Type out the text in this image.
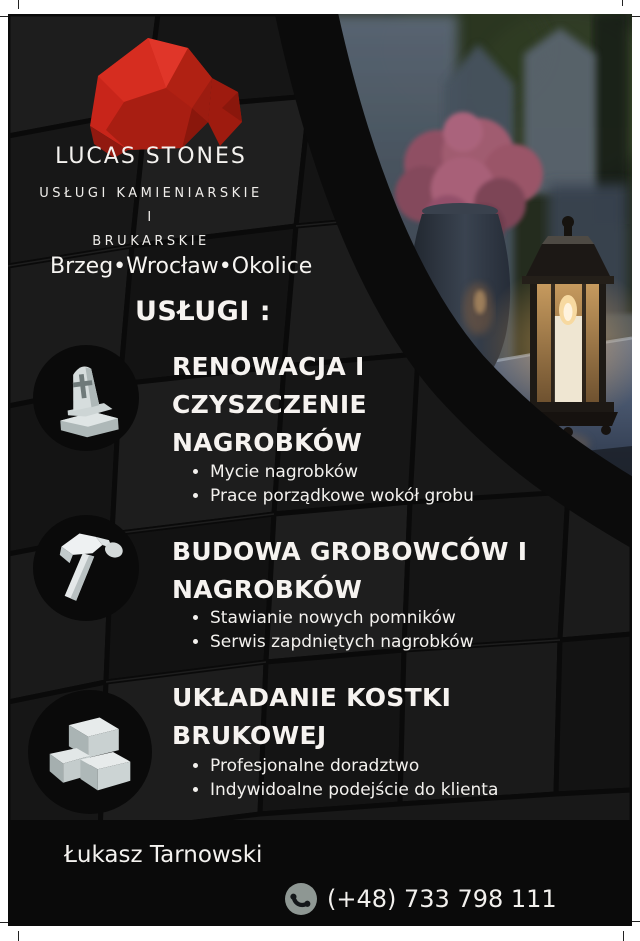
LUCAS STONES
USŁUGI KAMIENIARSKIE
I
BRUKARSKIE
Brzeg•Wrocław•Okolice
USŁUGI :
RENOWACJA I
CZYSZCZENIE
NAGROBKÓW
• Mycie nagrobków
• Prace porządkowe wokół grobu
BUDOWA GROBOWCÓW I
NAGROBKÓW
• Stawianie nowych pomników
• Serwis zapdniętych nagrobków
UKŁADANIE KOSTKI
BRUKOWEJ
• Profesjonalne doradztwo
• Indywidoalne podejście do klienta
Łukasz Tarnowski
(+48) 733 798 111
